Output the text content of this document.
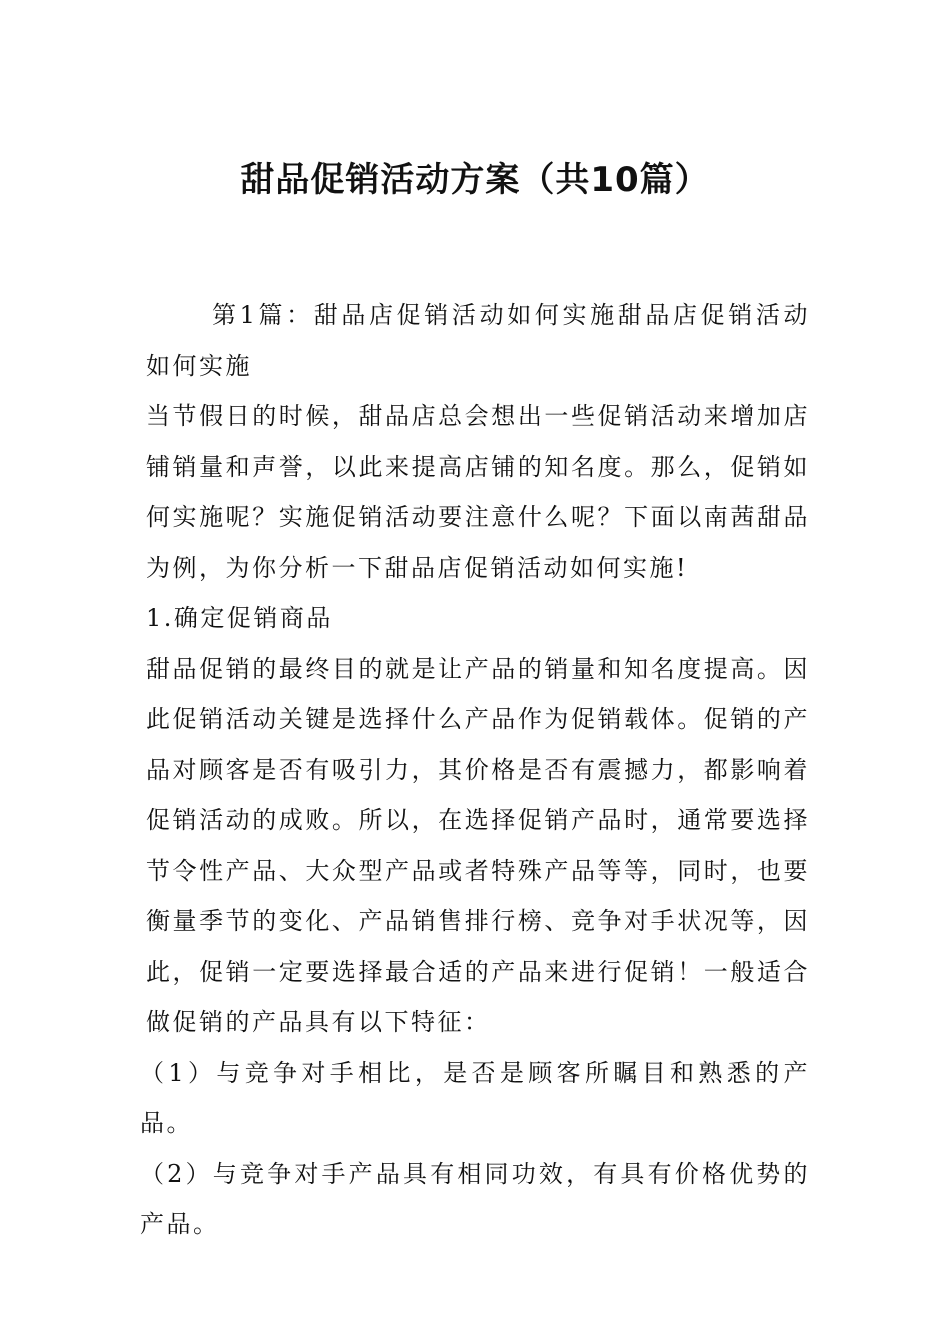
甜品促销活动方案（共10篇）

第1篇：甜品店促销活动如何实施甜品店促销活动如何实施

当节假日的时候，甜品店总会想出一些促销活动来增加店铺销量和声誉，以此来提高店铺的知名度。那么，促销如何实施呢？实施促销活动要注意什么呢？下面以南茜甜品为例，为你分析一下甜品店促销活动如何实施!

1.确定促销商品

甜品促销的最终目的就是让产品的销量和知名度提高。因此促销活动关键是选择什么产品作为促销载体。促销的产品对顾客是否有吸引力，其价格是否有震撼力，都影响着促销活动的成败。所以，在选择促销产品时，通常要选择节令性产品、大众型产品或者特殊产品等等，同时，也要衡量季节的变化、产品销售排行榜、竞争对手状况等，因此，促销一定要选择最合适的产品来进行促销！一般适合做促销的产品具有以下特征：

（1）与竞争对手相比，是否是顾客所瞩目和熟悉的产品。

（2）与竞争对手产品具有相同功效，有具有价格优势的产品。
